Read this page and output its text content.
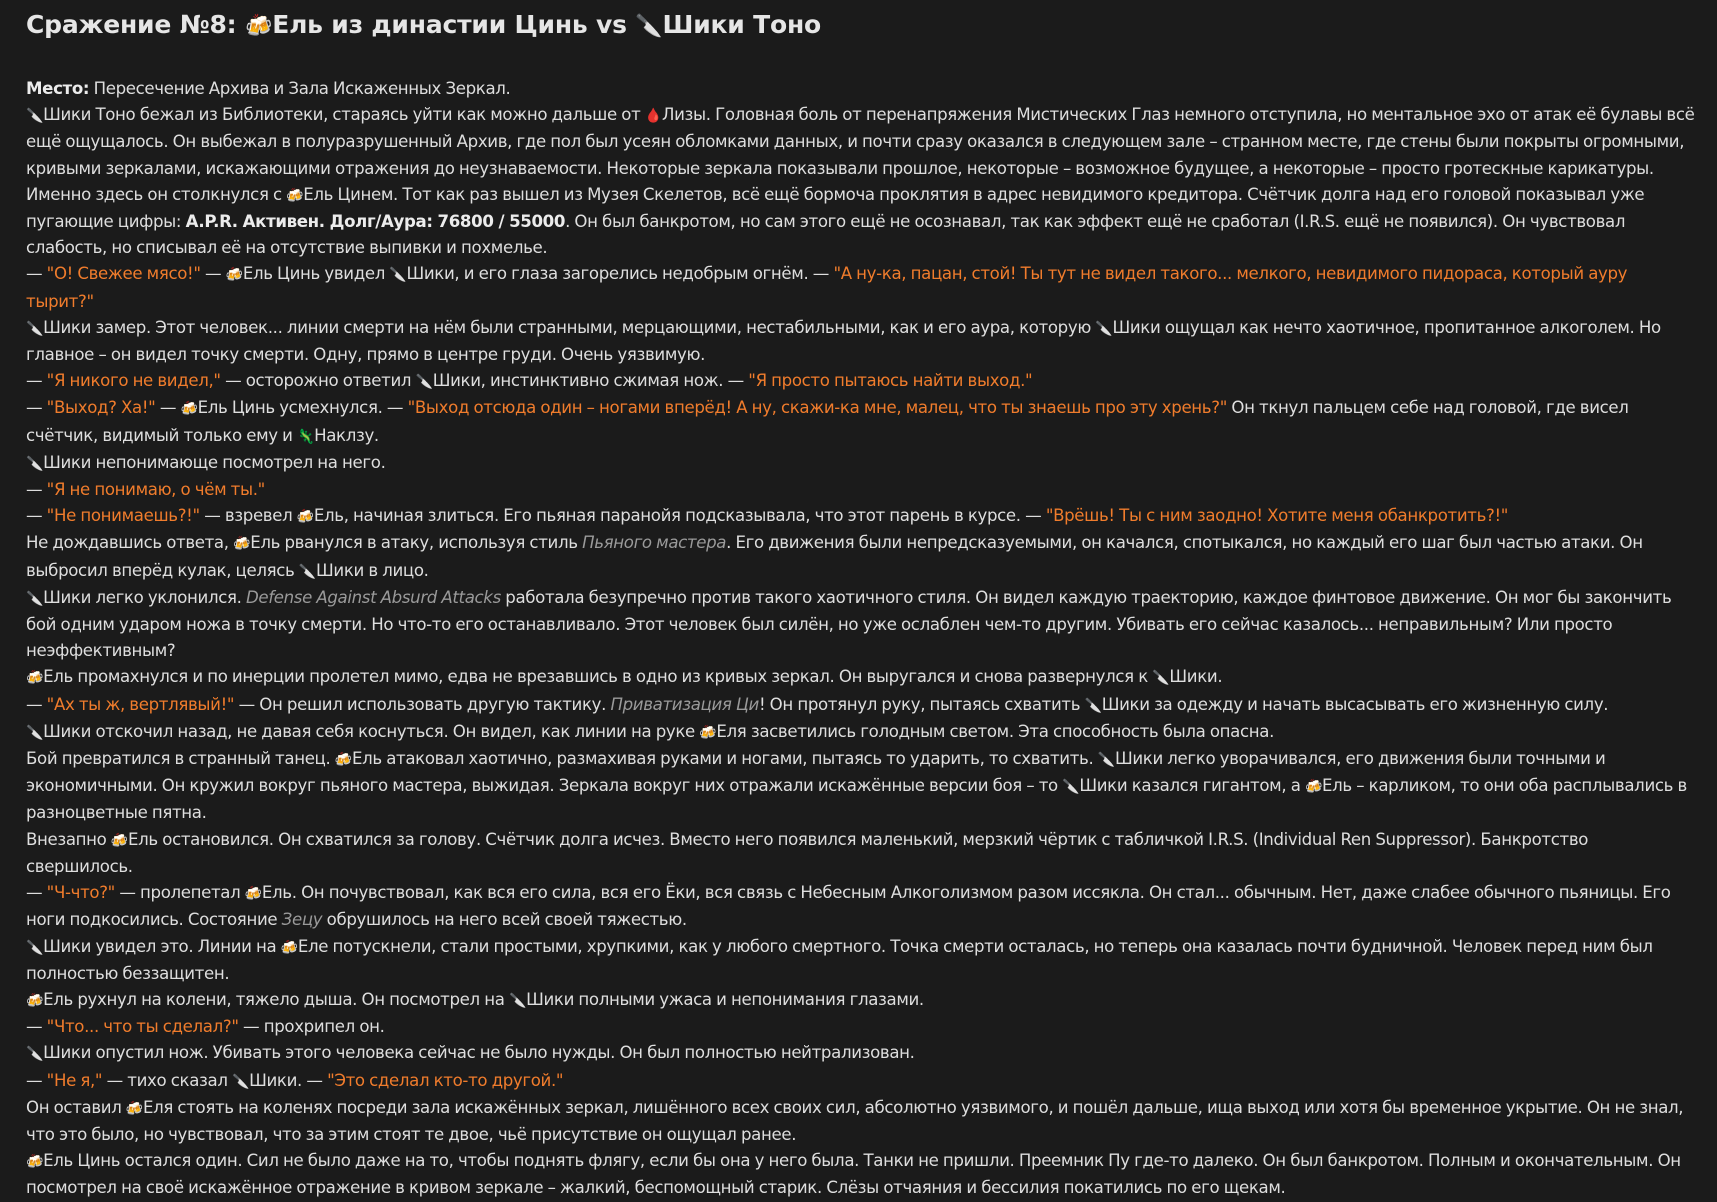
Сражение №8: 🍻Ель из династии Цинь vs 🔪Шики Тоно

Место: Пересечение Архива и Зала Искаженных Зеркал.

🔪Шики Тоно бежал из Библиотеки, стараясь уйти как можно дальше от 🩸Лизы. Головная боль от перенапряжения Мистических Глаз немного отступила, но ментальное эхо от атак её булавы всё ещё ощущалось. Он выбежал в полуразрушенный Архив, где пол был усеян обломками данных, и почти сразу оказался в следующем зале – странном месте, где стены были покрыты огромными, кривыми зеркалами, искажающими отражения до неузнаваемости. Некоторые зеркала показывали прошлое, некоторые – возможное будущее, а некоторые – просто гротескные карикатуры.

Именно здесь он столкнулся с 🍻Ель Цинем. Тот как раз вышел из Музея Скелетов, всё ещё бормоча проклятия в адрес невидимого кредитора. Счётчик долга над его головой показывал уже пугающие цифры: A.P.R. Активен. Долг/Аура: 76800 / 55000. Он был банкротом, но сам этого ещё не осознавал, так как эффект ещё не сработал (I.R.S. ещё не появился). Он чувствовал слабость, но списывал её на отсутствие выпивки и похмелье.

— "О! Свежее мясо!" — 🍻Ель Цинь увидел 🔪Шики, и его глаза загорелись недобрым огнём. — "А ну-ка, пацан, стой! Ты тут не видел такого... мелкого, невидимого пидораса, который ауру тырит?"

🔪Шики замер. Этот человек... линии смерти на нём были странными, мерцающими, нестабильными, как и его аура, которую 🔪Шики ощущал как нечто хаотичное, пропитанное алкоголем. Но главное – он видел точку смерти. Одну, прямо в центре груди. Очень уязвимую.

— "Я никого не видел," — осторожно ответил 🔪Шики, инстинктивно сжимая нож. — "Я просто пытаюсь найти выход."

— "Выход? Ха!" — 🍻Ель Цинь усмехнулся. — "Выход отсюда один – ногами вперёд! А ну, скажи-ка мне, малец, что ты знаешь про эту хрень?" Он ткнул пальцем себе над головой, где висел счётчик, видимый только ему и 🦎Наклзу.

🔪Шики непонимающе посмотрел на него.

— "Я не понимаю, о чём ты."

— "Не понимаешь?!" — взревел 🍻Ель, начиная злиться. Его пьяная паранойя подсказывала, что этот парень в курсе. — "Врёшь! Ты с ним заодно! Хотите меня обанкротить?!"

Не дождавшись ответа, 🍻Ель рванулся в атаку, используя стиль Пьяного мастера. Его движения были непредсказуемыми, он качался, спотыкался, но каждый его шаг был частью атаки. Он выбросил вперёд кулак, целясь 🔪Шики в лицо.

🔪Шики легко уклонился. Defense Against Absurd Attacks работала безупречно против такого хаотичного стиля. Он видел каждую траекторию, каждое финтовое движение. Он мог бы закончить бой одним ударом ножа в точку смерти. Но что-то его останавливало. Этот человек был силён, но уже ослаблен чем-то другим. Убивать его сейчас казалось... неправильным? Или просто неэффективным?

🍻Ель промахнулся и по инерции пролетел мимо, едва не врезавшись в одно из кривых зеркал. Он выругался и снова развернулся к 🔪Шики.

— "Ах ты ж, вертлявый!" — Он решил использовать другую тактику. Приватизация Ци! Он протянул руку, пытаясь схватить 🔪Шики за одежду и начать высасывать его жизненную силу.

🔪Шики отскочил назад, не давая себя коснуться. Он видел, как линии на руке 🍻Еля засветились голодным светом. Эта способность была опасна.

Бой превратился в странный танец. 🍻Ель атаковал хаотично, размахивая руками и ногами, пытаясь то ударить, то схватить. 🔪Шики легко уворачивался, его движения были точными и экономичными. Он кружил вокруг пьяного мастера, выжидая. Зеркала вокруг них отражали искажённые версии боя – то 🔪Шики казался гигантом, а 🍻Ель – карликом, то они оба расплывались в разноцветные пятна.

Внезапно 🍻Ель остановился. Он схватился за голову. Счётчик долга исчез. Вместо него появился маленький, мерзкий чёртик с табличкой I.R.S. (Individual Ren Suppressor). Банкротство свершилось.

— "Ч-что?" — пролепетал 🍻Ель. Он почувствовал, как вся его сила, вся его Ёки, вся связь с Небесным Алкоголизмом разом иссякла. Он стал... обычным. Нет, даже слабее обычного пьяницы. Его ноги подкосились. Состояние Зецу обрушилось на него всей своей тяжестью.

🔪Шики увидел это. Линии на 🍻Еле потускнели, стали простыми, хрупкими, как у любого смертного. Точка смерти осталась, но теперь она казалась почти будничной. Человек перед ним был полностью беззащитен.

🍻Ель рухнул на колени, тяжело дыша. Он посмотрел на 🔪Шики полными ужаса и непонимания глазами.

— "Что... что ты сделал?" — прохрипел он.

🔪Шики опустил нож. Убивать этого человека сейчас не было нужды. Он был полностью нейтрализован.

— "Не я," — тихо сказал 🔪Шики. — "Это сделал кто-то другой."

Он оставил 🍻Еля стоять на коленях посреди зала искажённых зеркал, лишённого всех своих сил, абсолютно уязвимого, и пошёл дальше, ища выход или хотя бы временное укрытие. Он не знал, что это было, но чувствовал, что за этим стоят те двое, чьё присутствие он ощущал ранее.

🍻Ель Цинь остался один. Сил не было даже на то, чтобы поднять флягу, если бы она у него была. Танки не пришли. Преемник Пу где-то далеко. Он был банкротом. Полным и окончательным. Он посмотрел на своё искажённое отражение в кривом зеркале – жалкий, беспомощный старик. Слёзы отчаяния и бессилия покатились по его щекам.
